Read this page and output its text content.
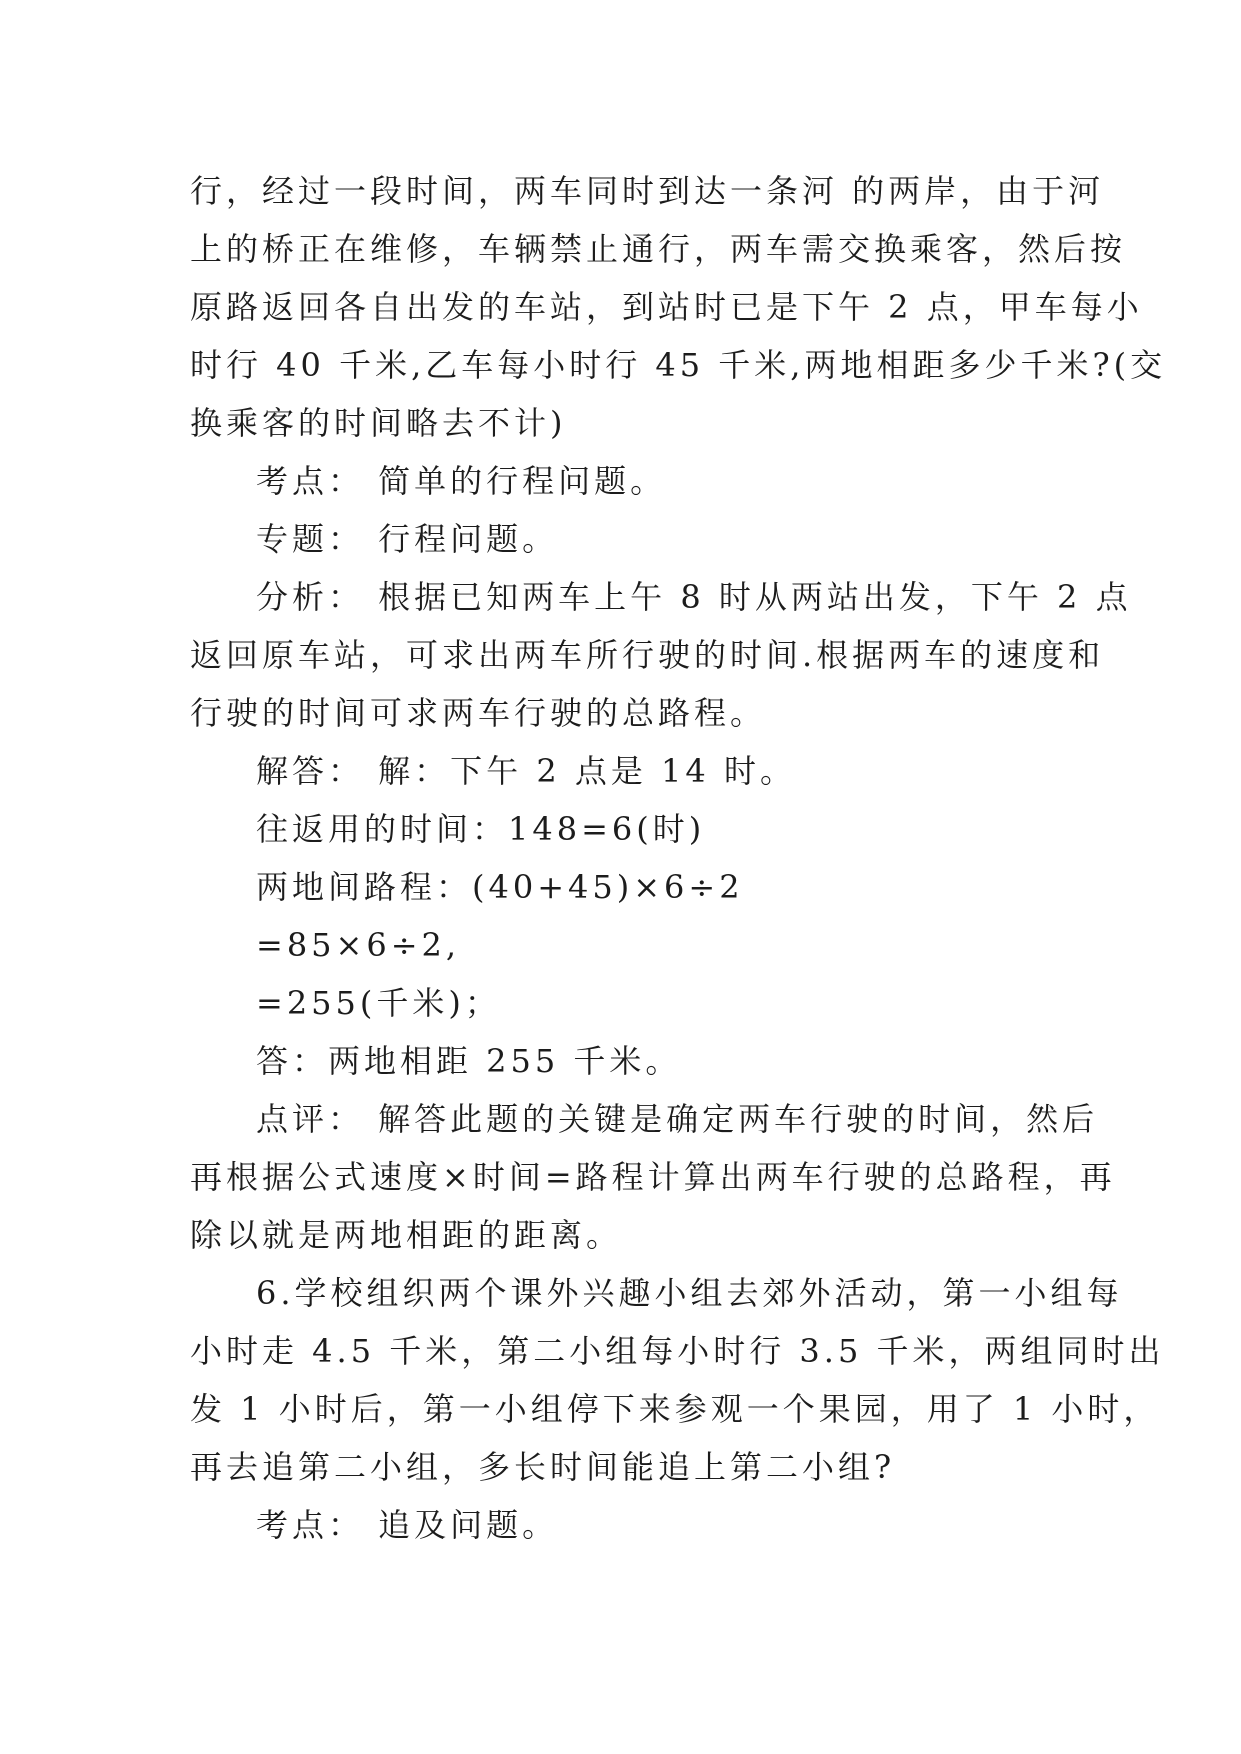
行，经过一段时间，两车同时到达一条河 的两岸，由于河
上的桥正在维修，车辆禁止通行，两车需交换乘客，然后按
原路返回各自出发的车站，到站时已是下午 2 点，甲车每小
时行 40 千米,乙车每小时行 45 千米,两地相距多少千米?(交
换乘客的时间略去不计)
考点： 简单的行程问题。
专题： 行程问题。
分析： 根据已知两车上午 8 时从两站出发，下午 2 点
返回原车站，可求出两车所行驶的时间.根据两车的速度和
行驶的时间可求两车行驶的总路程。
解答： 解：下午 2 点是 14 时。
往返用的时间：148=6(时)
两地间路程：(40+45)×6÷2
=85×6÷2,
=255(千米)；
答：两地相距 255 千米。
点评： 解答此题的关键是确定两车行驶的时间，然后
再根据公式速度×时间=路程计算出两车行驶的总路程，再
除以就是两地相距的距离。
6.学校组织两个课外兴趣小组去郊外活动，第一小组每
小时走 4.5 千米，第二小组每小时行 3.5 千米，两组同时出
发 1 小时后，第一小组停下来参观一个果园，用了 1 小时，
再去追第二小组，多长时间能追上第二小组?
考点： 追及问题。
